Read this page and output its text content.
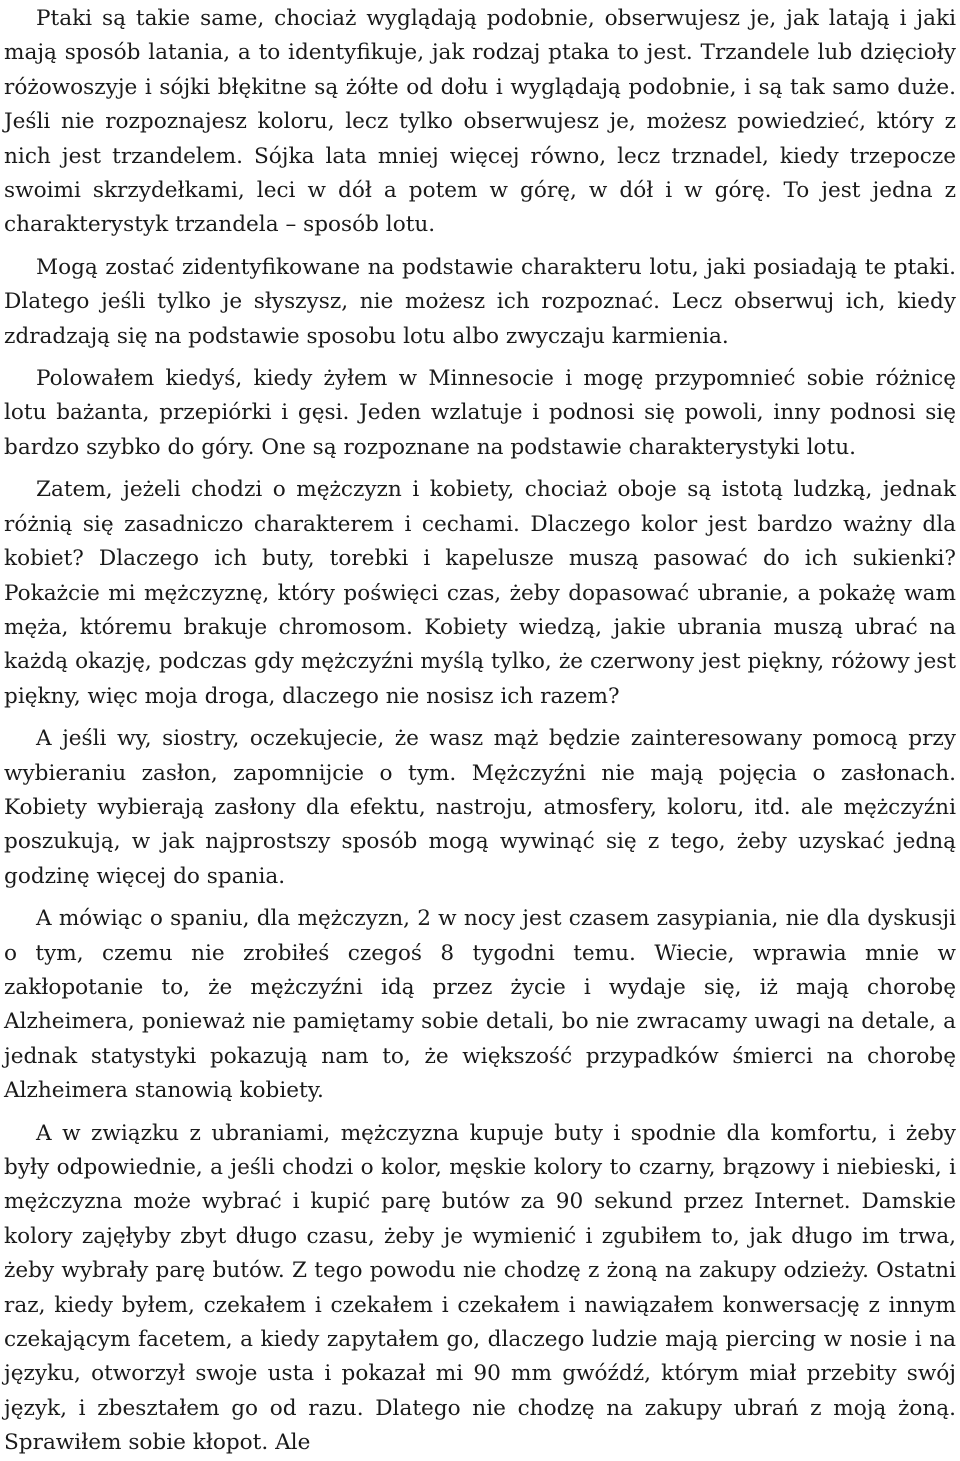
Ptaki są takie same, chociaż wyglądają podobnie, obserwujesz je, jak latają i jaki mają sposób latania, a to identyfikuje, jak rodzaj ptaka to jest. Trzandele lub dzięcioły różowoszyje i sójki błękitne są żółte od dołu i wyglądają podobnie, i są tak samo duże. Jeśli nie rozpoznajesz koloru, lecz tylko obserwujesz je, możesz powiedzieć, który z nich jest trzandelem. Sójka lata mniej więcej równo, lecz trznadel, kiedy trzepocze swoimi skrzydełkami, leci w dół a potem w górę, w dół i w górę. To jest jedna z charakterystyk trzandela – sposób lotu.

Mogą zostać zidentyfikowane na podstawie charakteru lotu, jaki posiadają te ptaki. Dlatego jeśli tylko je słyszysz, nie możesz ich rozpoznać. Lecz obserwuj ich, kiedy zdradzają się na podstawie sposobu lotu albo zwyczaju karmienia.

Polowałem kiedyś, kiedy żyłem w Minnesocie i mogę przypomnieć sobie różnicę lotu bażanta, przepiórki i gęsi. Jeden wzlatuje i podnosi się powoli, inny podnosi się bardzo szybko do góry. One są rozpoznane na podstawie charakterystyki lotu.

Zatem, jeżeli chodzi o mężczyzn i kobiety, chociaż oboje są istotą ludzką, jednak różnią się zasadniczo charakterem i cechami. Dlaczego kolor jest bardzo ważny dla kobiet? Dlaczego ich buty, torebki i kapelusze muszą pasować do ich sukienki? Pokażcie mi mężczyznę, który poświęci czas, żeby dopasować ubranie, a pokażę wam męża, któremu brakuje chromosom. Kobiety wiedzą, jakie ubrania muszą ubrać na każdą okazję, podczas gdy mężczyźni myślą tylko, że czerwony jest piękny, różowy jest piękny, więc moja droga, dlaczego nie nosisz ich razem?

A jeśli wy, siostry, oczekujecie, że wasz mąż będzie zainteresowany pomocą przy wybieraniu zasłon, zapomnijcie o tym. Mężczyźni nie mają pojęcia o zasłonach. Kobiety wybierają zasłony dla efektu, nastroju, atmosfery, koloru, itd. ale mężczyźni poszukują, w jak najprostszy sposób mogą wywinąć się z tego, żeby uzyskać jedną godzinę więcej do spania.

A mówiąc o spaniu, dla mężczyzn, 2 w nocy jest czasem zasypiania, nie dla dyskusji o tym, czemu nie zrobiłeś czegoś 8 tygodni temu. Wiecie, wprawia mnie w zakłopotanie to, że mężczyźni idą przez życie i wydaje się, iż mają chorobę Alzheimera, ponieważ nie pamiętamy sobie detali, bo nie zwracamy uwagi na detale, a jednak statystyki pokazują nam to, że większość przypadków śmierci na chorobę Alzheimera stanowią kobiety.

A w związku z ubraniami, mężczyzna kupuje buty i spodnie dla komfortu, i żeby były odpowiednie, a jeśli chodzi o kolor, męskie kolory to czarny, brązowy i niebieski, i mężczyzna może wybrać i kupić parę butów za 90 sekund przez Internet. Damskie kolory zajęłyby zbyt długo czasu, żeby je wymienić i zgubiłem to, jak długo im trwa, żeby wybrały parę butów. Z tego powodu nie chodzę z żoną na zakupy odzieży. Ostatni raz, kiedy byłem, czekałem i czekałem i czekałem i nawiązałem konwersację z innym czekającym facetem, a kiedy zapytałem go, dlaczego ludzie mają piercing w nosie i na języku, otworzył swoje usta i pokazał mi 90 mm gwóźdź, którym miał przebity swój język, i zbeształem go od razu. Dlatego nie chodzę na zakupy ubrań z moją żoną. Sprawiłem sobie kłopot. Ale
